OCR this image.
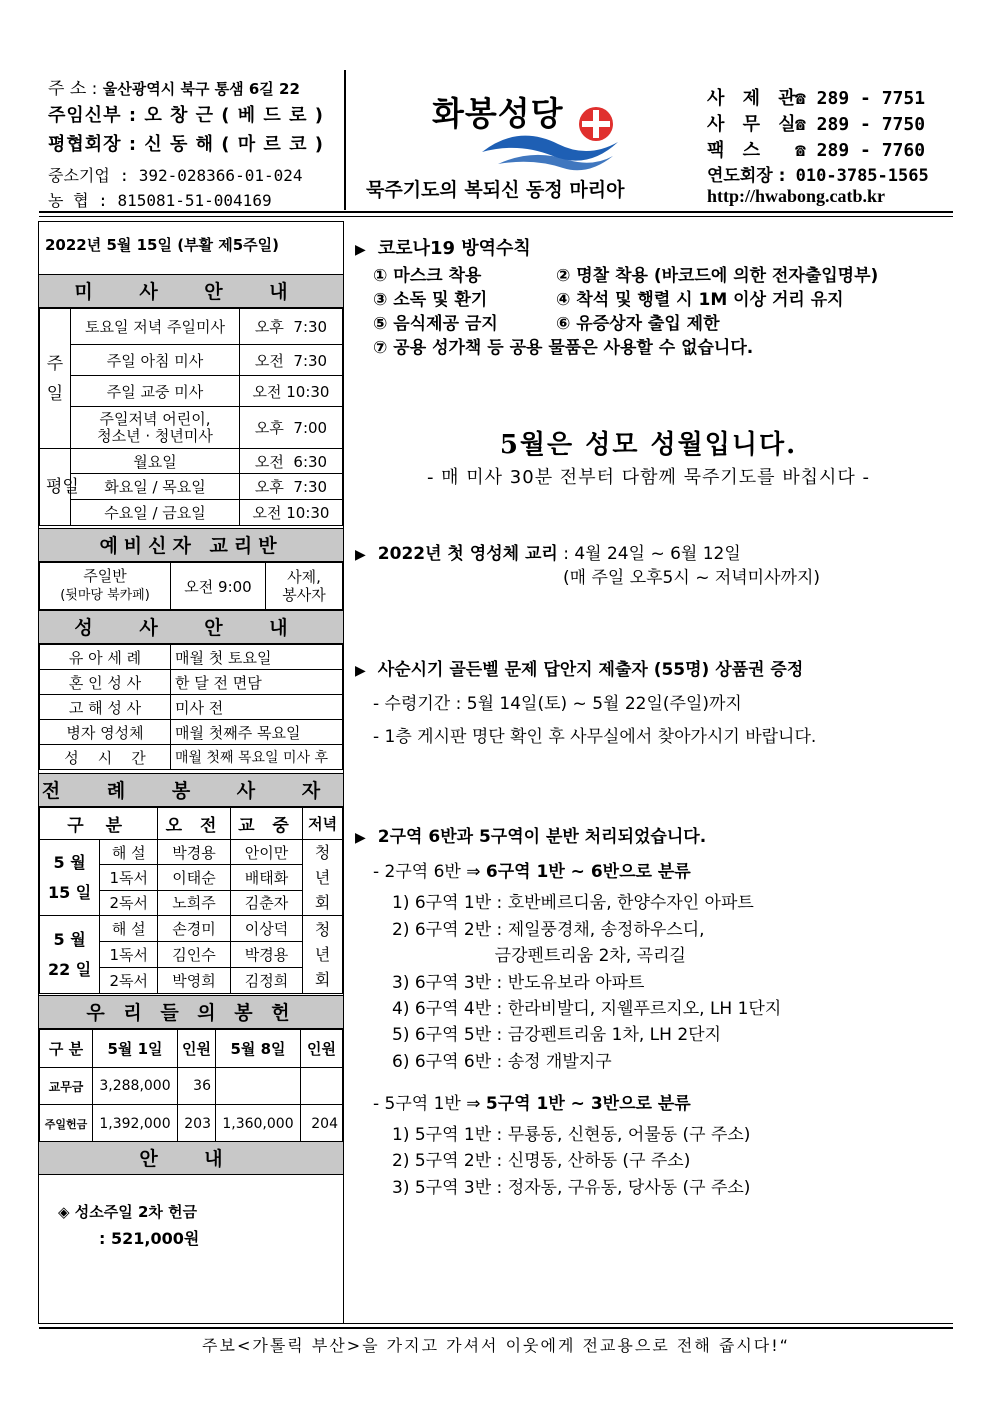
주 소 : 울산광역시 북구 통샘 6길 22
주임신부 : 오 창 근 ( 베 드 로 )
평협회장 : 신 동 해 ( 마 르 코 )
중소기업 : 392-028366-01-024
농 협 : 815081-51-004169
화봉성당
묵주기도의 복되신 동정 마리아
사 제 관☎ 289 - 7751
사 무 실☎ 289 - 7750
팩 스 ☎ 289 - 7760
연도회장 : 010-3785-1565
http://hwabong.catb.kr
2022년 5월 15일 (부활 제5주일)
미 사 안 내
주일	토요일 저녁 주일미사	오후  7:30
	주일 아침 미사	오전  7:30
	주일 교중 미사	오전 10:30
	주일저녁 어린이,
청소년 · 청년미사	오후  7:00
평일	월요일	오전  6:30
	화요일 / 목요일	오후  7:30
	수요일 / 금요일	오전 10:30
예비신자 교리반
주일반
(뒷마당 북카페)	오전 9:00	사제,
봉사자
성 사 안 내
유 아 세 례	매월 첫 토요일
혼 인 성 사	한 달 전 면담
고 해 성 사	미사 전
병자 영성체	매월 첫째주 목요일
성    시    간	매월 첫째 목요일 미사 후
전 례 봉 사 자
구 분		오 전	교 중	저녁
5 월
15 일	해 설	박경용	안이만	청
년
회
	1독서	이태순	배태화	
	2독서	노희주	김춘자	
5 월
22 일	해 설	손경미	이상덕	청
년
회
	1독서	김인수	박경용	
	2독서	박영희	김정희	
우 리 들 의 봉 헌
구 분	5월 1일	인원	5월 8일	인원
교무금	3,288,000	36		
주일헌금	1,392,000	203	1,360,000	204
안 내
◈ 성소주일 2차 헌금
: 521,000원
▶ 코로나19 방역수칙
① 마스크 착용	② 명찰 착용 (바코드에 의한 전자출입명부)
③ 소독 및 환기	④ 착석 및 행렬 시 1M 이상 거리 유지
⑤ 음식제공 금지	⑥ 유증상자 출입 제한
⑦ 공용 성가책 등 공용 물품은 사용할 수 없습니다.
5월은 성모 성월입니다.
- 매 미사 30분 전부터 다함께 묵주기도를 바칩시다 -
▶ 2022년 첫 영성체 교리 : 4월 24일 ~ 6월 12일
(매 주일 오후5시 ~ 저녁미사까지)
▶ 사순시기 골든벨 문제 답안지 제출자 (55명) 상품권 증정
- 수령기간 : 5월 14일(토) ~ 5월 22일(주일)까지
- 1층 게시판 명단 확인 후 사무실에서 찾아가시기 바랍니다.
▶ 2구역 6반과 5구역이 분반 처리되었습니다.
- 2구역 6반 ⇒ 6구역 1반 ~ 6반으로 분류
1) 6구역 1반 : 호반베르디움, 한양수자인 아파트
2) 6구역 2반 : 제일풍경채, 송정하우스디,
금강펜트리움 2차, 곡리길
3) 6구역 3반 : 반도유보라 아파트
4) 6구역 4반 : 한라비발디, 지웰푸르지오, LH 1단지
5) 6구역 5반 : 금강펜트리움 1차, LH 2단지
6) 6구역 6반 : 송정 개발지구
- 5구역 1반 ⇒ 5구역 1반 ~ 3반으로 분류
1) 5구역 1반 : 무룡동, 신현동, 어물동 (구 주소)
2) 5구역 2반 : 신명동, 산하동 (구 주소)
3) 5구역 3반 : 정자동, 구유동, 당사동 (구 주소)
주보<가톨릭 부산>을 가지고 가셔서 이웃에게 전교용으로 전해 줍시다!“
